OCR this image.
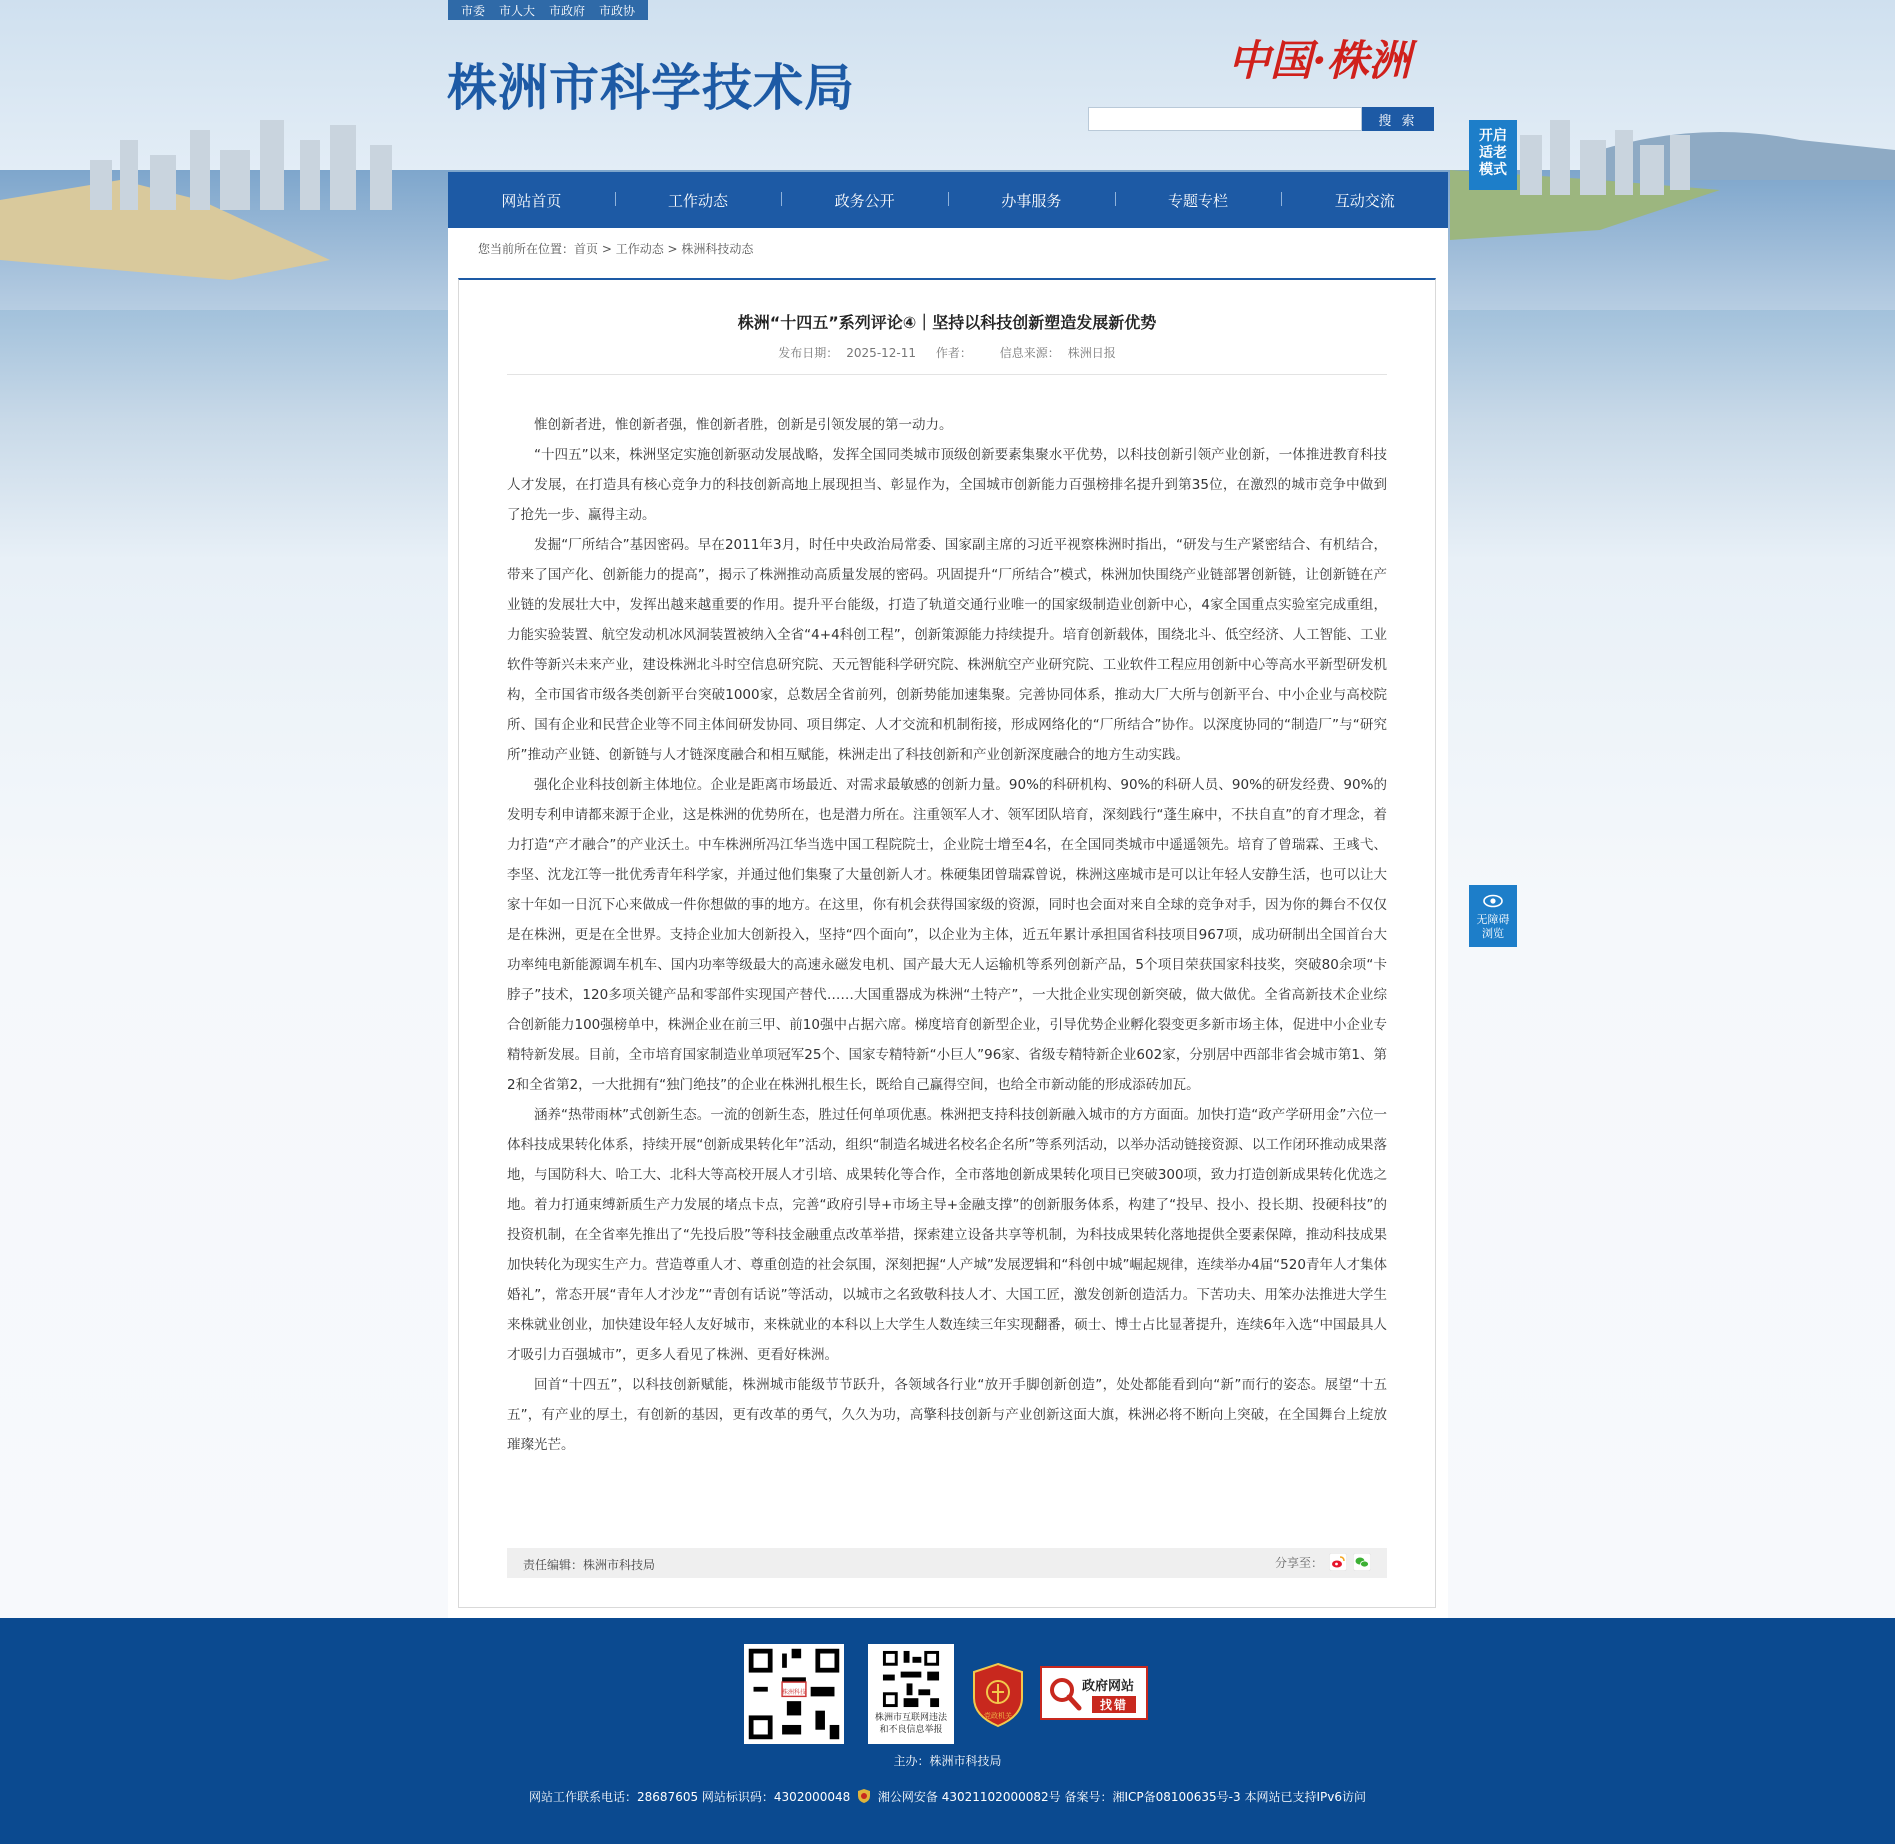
市委 市人大 市政府 市政协
株洲市科学技术局	中国·株洲
搜 索
开启
适老
模式
网站首页	工作动态	政务公开	办事服务	专题专栏	互动交流
您当前所在位置：首页 > 工作动态 > 株洲科技动态
株洲“十四五”系列评论④｜坚持以科技创新塑造发展新优势
发布日期： 2025-12-11 作者： 信息来源： 株洲日报

惟创新者进，惟创新者强，惟创新者胜，创新是引领发展的第一动力。

“十四五”以来，株洲坚定实施创新驱动发展战略，发挥全国同类城市顶级创新要素集聚水平优势，以科技创新引领产业创新，一体推进教育科技人才发展，在打造具有核心竞争力的科技创新高地上展现担当、彰显作为，全国城市创新能力百强榜排名提升到第35位，在激烈的城市竞争中做到了抢先一步、赢得主动。

发掘“厂所结合”基因密码。早在2011年3月，时任中央政治局常委、国家副主席的习近平视察株洲时指出，“研发与生产紧密结合、有机结合，带来了国产化、创新能力的提高”，揭示了株洲推动高质量发展的密码。巩固提升“厂所结合”模式，株洲加快围绕产业链部署创新链，让创新链在产业链的发展壮大中，发挥出越来越重要的作用。提升平台能级，打造了轨道交通行业唯一的国家级制造业创新中心，4家全国重点实验室完成重组，力能实验装置、航空发动机冰风洞装置被纳入全省“4+4科创工程”，创新策源能力持续提升。培育创新载体，围绕北斗、低空经济、人工智能、工业软件等新兴未来产业，建设株洲北斗时空信息研究院、天元智能科学研究院、株洲航空产业研究院、工业软件工程应用创新中心等高水平新型研发机构，全市国省市级各类创新平台突破1000家，总数居全省前列，创新势能加速集聚。完善协同体系，推动大厂大所与创新平台、中小企业与高校院所、国有企业和民营企业等不同主体间研发协同、项目绑定、人才交流和机制衔接，形成网络化的“厂所结合”协作。以深度协同的“制造厂”与“研究所”推动产业链、创新链与人才链深度融合和相互赋能，株洲走出了科技创新和产业创新深度融合的地方生动实践。

强化企业科技创新主体地位。企业是距离市场最近、对需求最敏感的创新力量。90%的科研机构、90%的科研人员、90%的研发经费、90%的发明专利申请都来源于企业，这是株洲的优势所在，也是潜力所在。注重领军人才、领军团队培育，深刻践行“蓬生麻中，不扶自直”的育才理念，着力打造“产才融合”的产业沃土。中车株洲所冯江华当选中国工程院院士，企业院士增至4名，在全国同类城市中遥遥领先。培育了曾瑞霖、王彧弋、李坚、沈龙江等一批优秀青年科学家，并通过他们集聚了大量创新人才。株硬集团曾瑞霖曾说，株洲这座城市是可以让年轻人安静生活，也可以让大家十年如一日沉下心来做成一件你想做的事的地方。在这里，你有机会获得国家级的资源，同时也会面对来自全球的竞争对手，因为你的舞台不仅仅是在株洲，更是在全世界。支持企业加大创新投入，坚持“四个面向”，以企业为主体，近五年累计承担国省科技项目967项，成功研制出全国首台大功率纯电新能源调车机车、国内功率等级最大的高速永磁发电机、国产最大无人运输机等系列创新产品，5个项目荣获国家科技奖，突破80余项“卡脖子”技术，120多项关键产品和零部件实现国产替代……大国重器成为株洲“土特产”，一大批企业实现创新突破，做大做优。全省高新技术企业综合创新能力100强榜单中，株洲企业在前三甲、前10强中占据六席。梯度培育创新型企业，引导优势企业孵化裂变更多新市场主体，促进中小企业专精特新发展。目前，全市培育国家制造业单项冠军25个、国家专精特新“小巨人”96家、省级专精特新企业602家，分别居中西部非省会城市第1、第2和全省第2，一大批拥有“独门绝技”的企业在株洲扎根生长，既给自己赢得空间，也给全市新动能的形成添砖加瓦。

涵养“热带雨林”式创新生态。一流的创新生态，胜过任何单项优惠。株洲把支持科技创新融入城市的方方面面。加快打造“政产学研用金”六位一体科技成果转化体系，持续开展“创新成果转化年”活动，组织“制造名城进名校名企名所”等系列活动，以举办活动链接资源、以工作闭环推动成果落地，与国防科大、哈工大、北科大等高校开展人才引培、成果转化等合作，全市落地创新成果转化项目已突破300项，致力打造创新成果转化优选之地。着力打通束缚新质生产力发展的堵点卡点，完善“政府引导+市场主导+金融支撑”的创新服务体系，构建了“投早、投小、投长期、投硬科技”的投资机制，在全省率先推出了“先投后股”等科技金融重点改革举措，探索建立设备共享等机制，为科技成果转化落地提供全要素保障，推动科技成果加快转化为现实生产力。营造尊重人才、尊重创造的社会氛围，深刻把握“人产城”发展逻辑和“科创中城”崛起规律，连续举办4届“520青年人才集体婚礼”，常态开展“青年人才沙龙”“青创有话说”等活动，以城市之名致敬科技人才、大国工匠，激发创新创造活力。下苦功夫、用笨办法推进大学生来株就业创业，加快建设年轻人友好城市，来株就业的本科以上大学生人数连续三年实现翻番，硕士、博士占比显著提升，连续6年入选“中国最具人才吸引力百强城市”，更多人看见了株洲、更看好株洲。

回首“十四五”，以科技创新赋能，株洲城市能级节节跃升，各领域各行业“放开手脚创新创造”，处处都能看到向“新”而行的姿态。展望“十五五”，有产业的厚土，有创新的基因，更有改革的勇气，久久为功，高擎科技创新与产业创新这面大旗，株洲必将不断向上突破，在全国舞台上绽放璀璨光芒。

责任编辑：株洲市科技局	分享至：
无障碍
浏览
株洲科技
株洲市互联网违法
和不良信息举报
党政机关
政府网站
找错
主办：株洲市科技局
网站工作联系电话：28687605 网站标识码：4302000048 湘公网安备 43021102000082号 备案号：湘ICP备08100635号-3 本网站已支持IPv6访问
